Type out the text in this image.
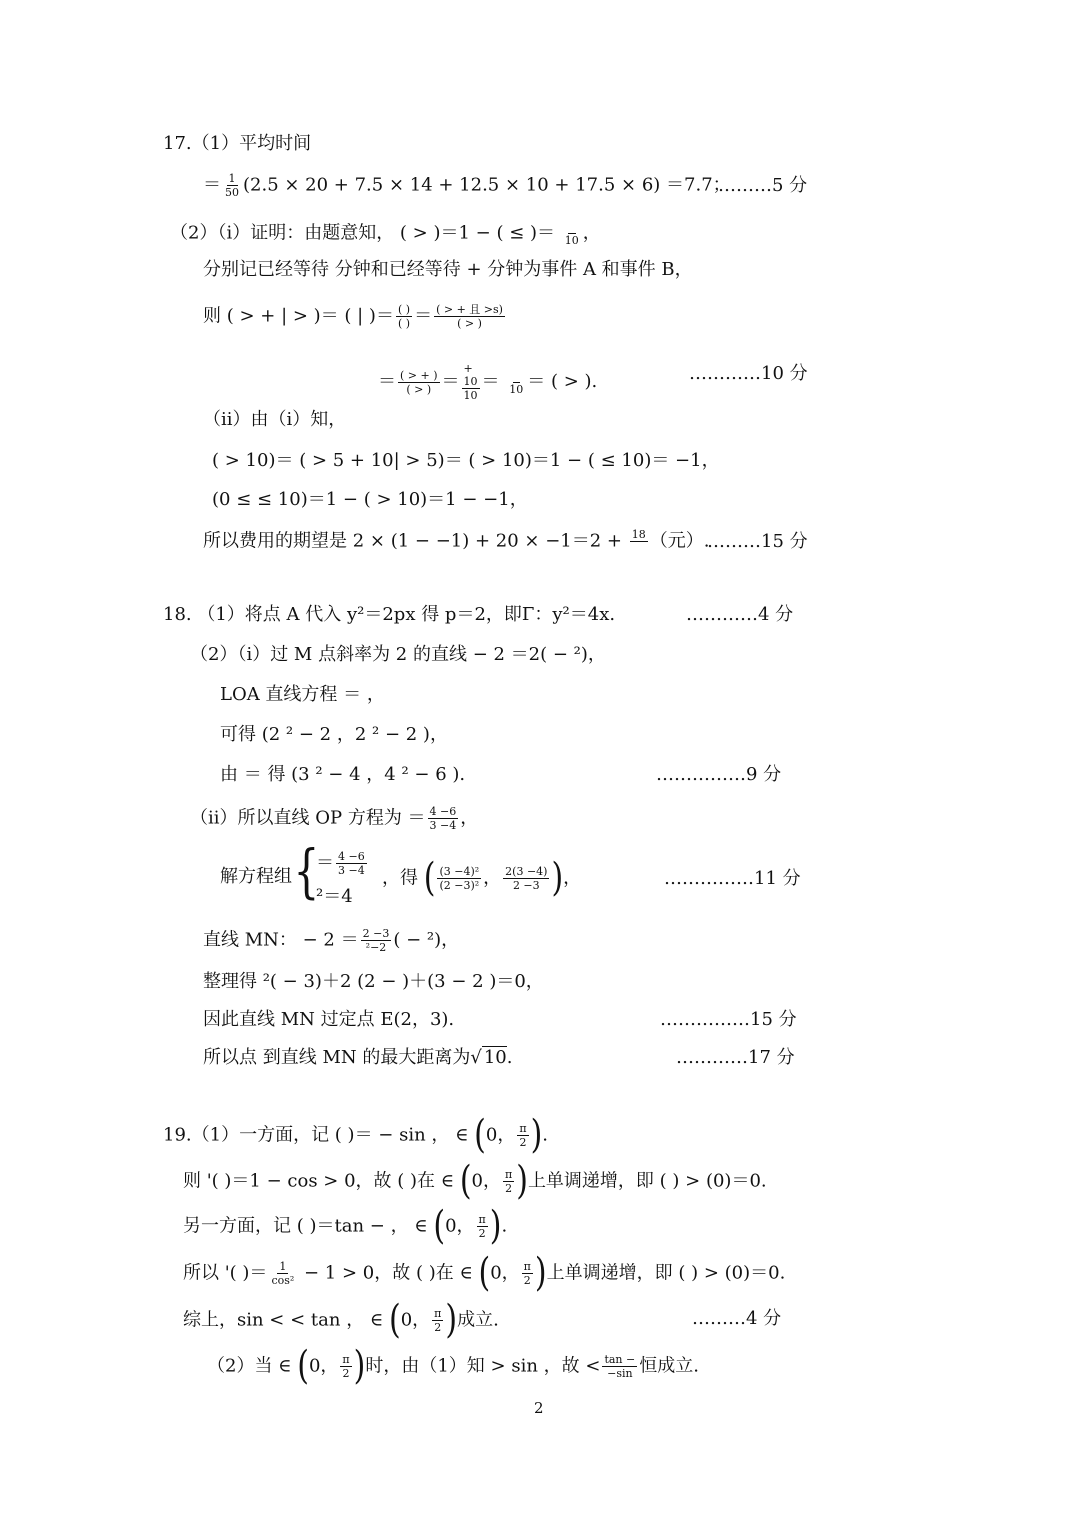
17.（1）平均时间
＝ $\frac{1}{50} (2.5 \times 20 + 7.5 \times 14 + 12.5 \times 10 + 17.5 \times 6) =7.7$；
………5 分
（2）（i）证明：由题意知， ( > )＝1 − ( ≤ )＝
10 ，
分别记已经等待 分钟和已经等待 + 分钟为事件 A 和事件 B，
则 ( > + | > )＝ ( | )＝ $\frac{( )}{( )} = \frac{\text{( > + 且 >s)}}{( > )}$
＝ $\frac{( > + )}{( > )}$ ＝ +
10
10 ＝
10 ＝ ( > ).	…………10 分
（ii）由（i）知，
( > 10)＝ ( > 5 + 10| > 5)＝ ( > 10)＝1 − ( ≤ 10)＝ −1，
(0 ≤ ≤ 10)＝1 − ( > 10)＝1 − −1，
所以费用的期望是 2 × (1 − −1) + 20 × −1＝2 + 18
（元）.
………15 分
18. （1）将点 A 代入 y²＝2px 得 p＝2，即Γ：y²＝4x.	…………4 分
（2）（i）过 M 点斜率为 2 的直线 − 2 ＝2( − ²)，
LOA 直线方程 ＝ ，
可得 (2 ² − 2 ，2 ² − 2 )，
由 ＝ 得 (3 ² − 4 ，4 ² − 6 ).	……………9 分
（ii）所以直线 OP 方程为 ＝ $\frac{4 -6}{3 -4}$ ，
解方程组 {
＝ $\frac{4 -6}{3 -4}$
²＝4
，得 ( $\frac{\text{(3 −4)²}}{\text{(2 −3)²}}$ ， $\frac{2(3 -4)}{2 -3}$ )，	……………11 分
直线 MN： − $2 = \frac{2 -3}{\text{²−2}}$ ( − ²)，
整理得 ²( − 3)＋2 (2 − )＋(3 − 2 )＝0，
因此直线 MN 过定点 E(2，3).	……………15 分
所以点 到直线 MN 的最大距离为√ 10.	…………17 分
19.（1）一方面，记 ( )＝ − sin ， ∈ (0， $\frac{\pi}{2}$ ).
则 '( )＝1 − cos > 0，故 ( )在 ∈ (0， $\frac{\pi}{2}$ )上单调递增，即 ( ) > (0)＝0.
另一方面，记 ( )＝tan − ， ∈ (0， $\frac{\pi}{2}$ ).
所以 '( )＝ $\frac{1}{\text{cos²}} - 1 > 0$，故 ( )在 ∈ (0， $\frac{\pi}{2}$ )上单调递增，即 ( ) > (0)＝0.
综上，sin < < tan ， ∈ (0， $\frac{\pi}{2}$ )成立.	………4 分
（2）当 ∈ (0， $\frac{\pi}{2}$ )时，由（1）知 > sin ，故 < $\frac{\tan -}{-\sin}$ 恒成立.
2
